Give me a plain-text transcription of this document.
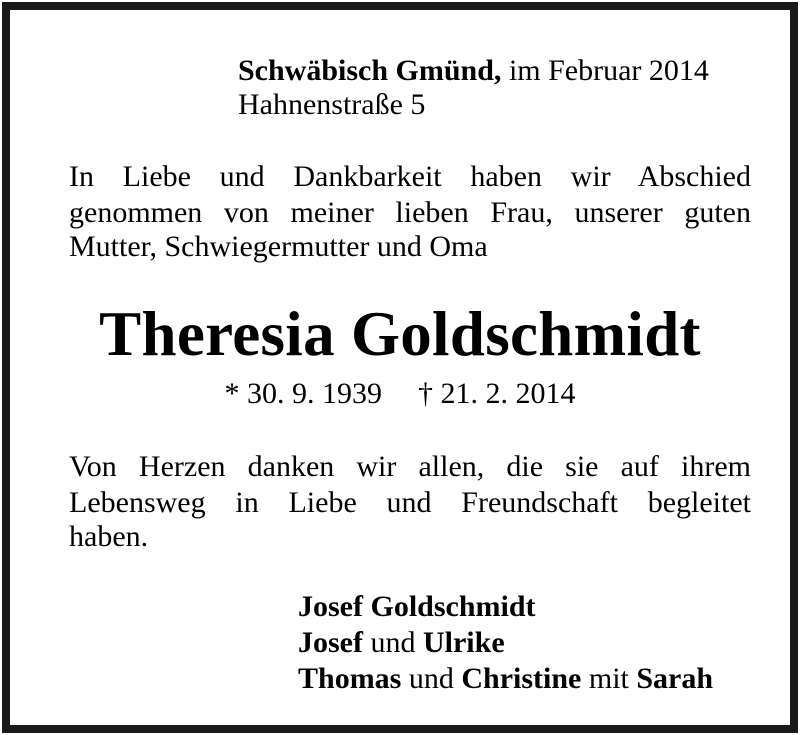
Schwäbisch Gmünd, im Februar 2014
Hahnenstraße 5
In Liebe und Dankbarkeit haben wir Abschied
genommen von meiner lieben Frau, unserer guten
Mutter, Schwiegermutter und Oma
Theresia Goldschmidt
* 30. 9. 1939 † 21. 2. 2014
Von Herzen danken wir allen, die sie auf ihrem
Lebensweg in Liebe und Freundschaft begleitet
haben.
Josef Goldschmidt
Josef und Ulrike
Thomas und Christine mit Sarah
